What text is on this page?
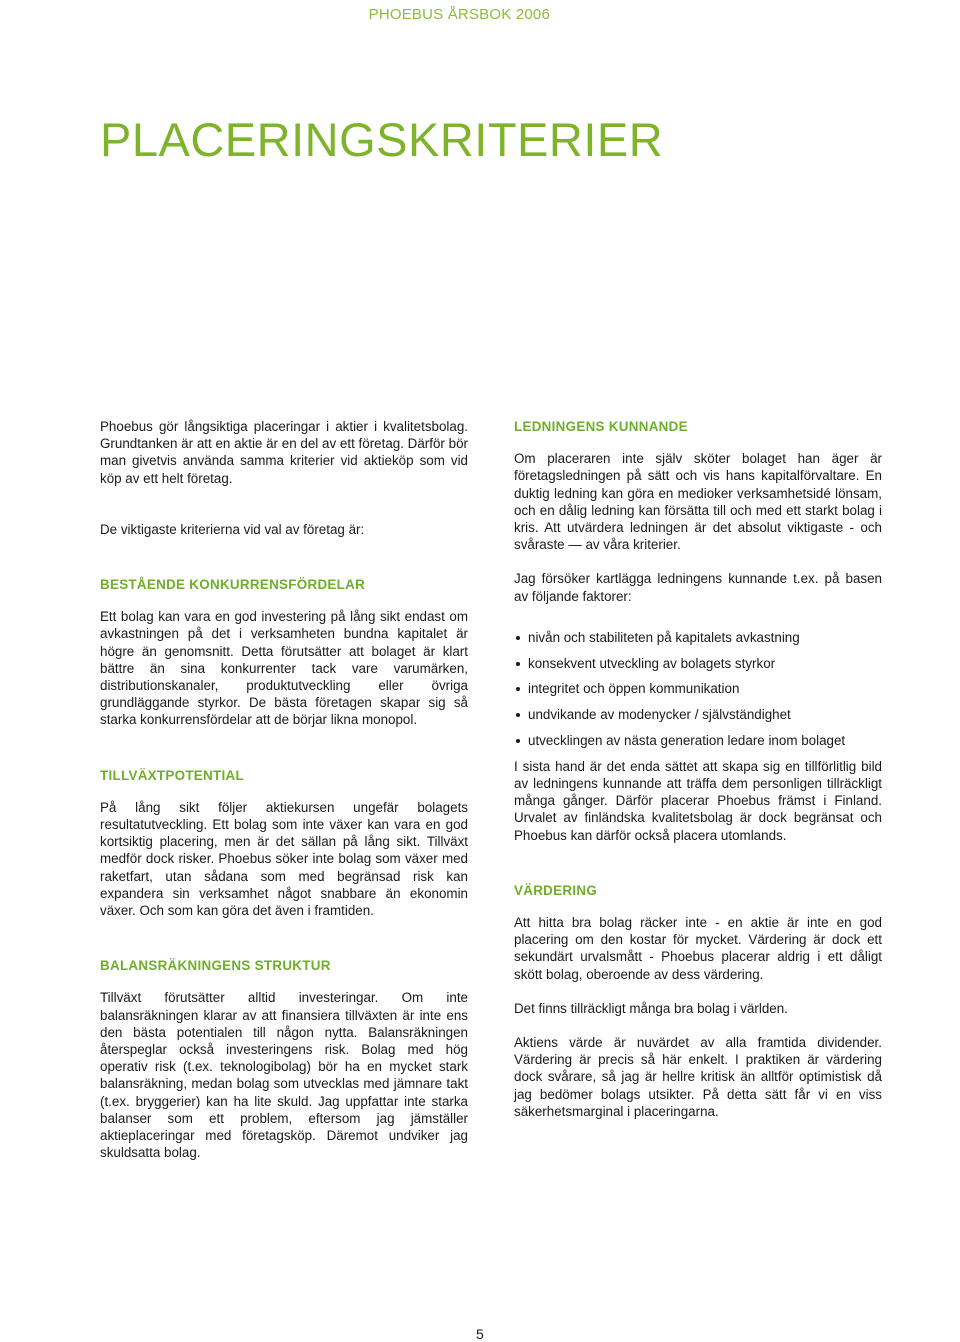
PHOEBUS ÅRSBOK 2006
PLACERINGSKRITERIER

Phoebus gör långsiktiga placeringar i aktier i kvalitetsbolag. Grundtanken är att en aktie är en del av ett företag. Därför bör man givetvis använda samma kriterier vid aktieköp som vid köp av ett helt företag.

De viktigaste kriterierna vid val av företag är:

BESTÅENDE KONKURRENSFÖRDELAR

Ett bolag kan vara en god investering på lång sikt endast om avkastningen på det i verksamheten bundna kapitalet är högre än genomsnitt. Detta förutsätter att bolaget är klart bättre än sina konkurrenter tack vare varumärken, distributionskanaler, produktutveckling eller övriga grundläggande styrkor. De bästa företagen skapar sig så starka konkurrensfördelar att de börjar likna monopol.

TILLVÄXTPOTENTIAL

På lång sikt följer aktiekursen ungefär bolagets resultatutveckling. Ett bolag som inte växer kan vara en god kortsiktig placering, men är det sällan på lång sikt. Tillväxt medför dock risker. Phoebus söker inte bolag som växer med raketfart, utan sådana som med begränsad risk kan expandera sin verksamhet något snabbare än ekonomin växer. Och som kan göra det även i framtiden.

BALANSRÄKNINGENS STRUKTUR

Tillväxt förutsätter alltid investeringar. Om inte balansräkningen klarar av att finansiera tillväxten är inte ens den bästa potentialen till någon nytta. Balansräkningen återspeglar också investeringens risk. Bolag med hög operativ risk (t.ex. teknologibolag) bör ha en mycket stark balansräkning, medan bolag som utvecklas med jämnare takt (t.ex. bryggerier) kan ha lite skuld. Jag uppfattar inte starka balanser som ett problem, eftersom jag jämställer aktieplaceringar med företagsköp. Däremot undviker jag skuldsatta bolag.

LEDNINGENS KUNNANDE

Om placeraren inte själv sköter bolaget han äger är företagsledningen på sätt och vis hans kapitalförvaltare. En duktig ledning kan göra en medioker verksamhetsidé lönsam, och en dålig ledning kan försätta till och med ett starkt bolag i kris. Att utvärdera ledningen är det absolut viktigaste - och svåraste — av våra kriterier.

Jag försöker kartlägga ledningens kunnande t.ex. på basen av följande faktorer:

nivån och stabiliteten på kapitalets avkastning
konsekvent utveckling av bolagets styrkor
integritet och öppen kommunikation
undvikande av modenycker / självständighet
utvecklingen av nästa generation ledare inom bolaget

I sista hand är det enda sättet att skapa sig en tillförlitlig bild av ledningens kunnande att träffa dem personligen tillräckligt många gånger. Därför placerar Phoebus främst i Finland. Urvalet av finländska kvalitetsbolag är dock begränsat och Phoebus kan därför också placera utomlands.

VÄRDERING

Att hitta bra bolag räcker inte - en aktie är inte en god placering om den kostar för mycket. Värdering är dock ett sekundärt urvalsmått - Phoebus placerar aldrig i ett dåligt skött bolag, oberoende av dess värdering.

Det finns tillräckligt många bra bolag i världen.

Aktiens värde är nuvärdet av alla framtida dividender. Värdering är precis så här enkelt. I praktiken är värdering dock svårare, så jag är hellre kritisk än alltför optimistisk då jag bedömer bolags utsikter. På detta sätt får vi en viss säkerhetsmarginal i placeringarna.

5
